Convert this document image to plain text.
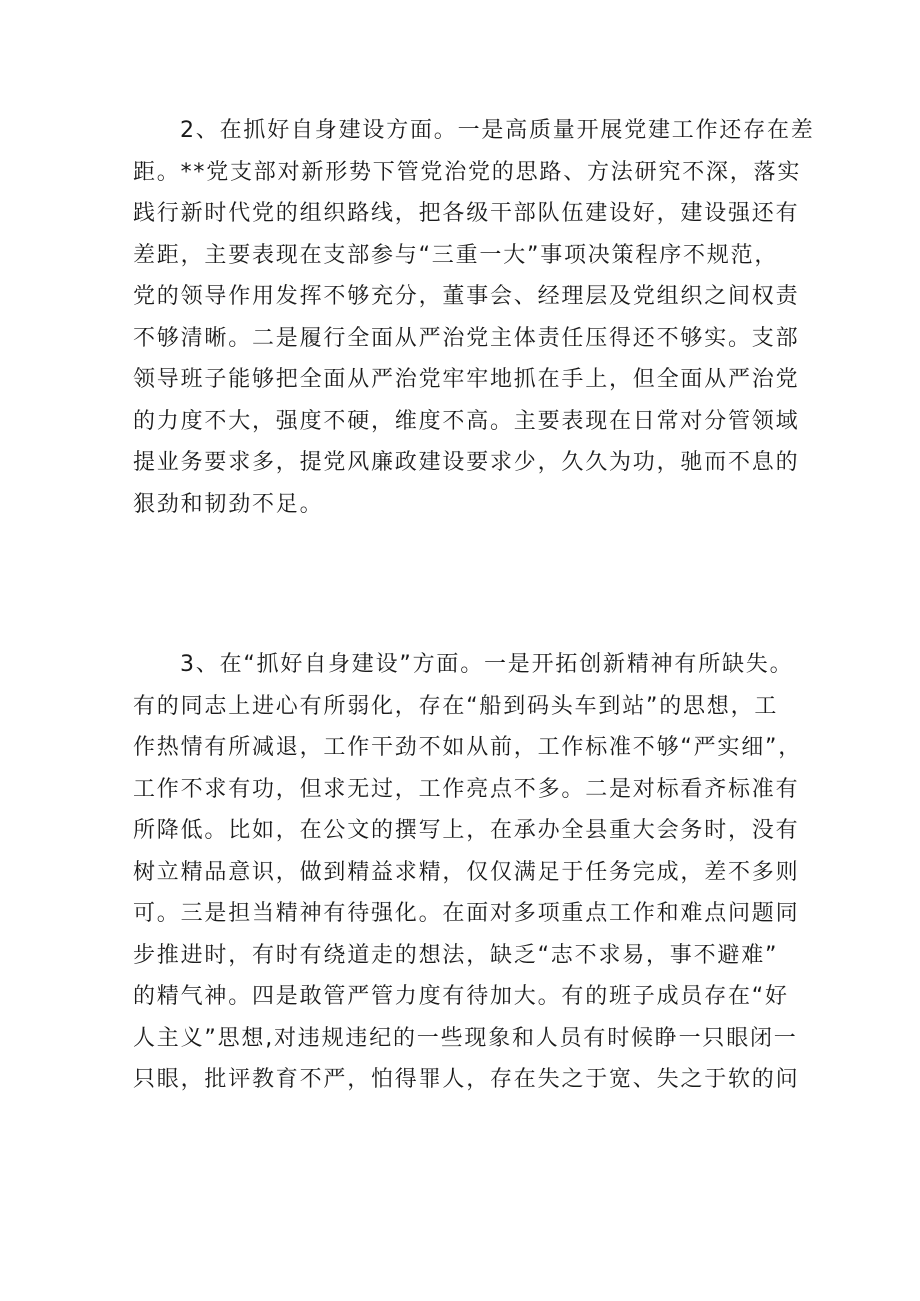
2、在抓好自身建设方面。一是高质量开展党建工作还存在差
距。**党支部对新形势下管党治党的思路、方法研究不深，落实
践行新时代党的组织路线，把各级干部队伍建设好，建设强还有
差距，主要表现在支部参与“三重一大”事项决策程序不规范，
党的领导作用发挥不够充分，董事会、经理层及党组织之间权责
不够清晰。二是履行全面从严治党主体责任压得还不够实。支部
领导班子能够把全面从严治党牢牢地抓在手上，但全面从严治党
的力度不大，强度不硬，维度不高。主要表现在日常对分管领域
提业务要求多，提党风廉政建设要求少，久久为功，驰而不息的
狠劲和韧劲不足。
3、在“抓好自身建设”方面。一是开拓创新精神有所缺失。
有的同志上进心有所弱化，存在“船到码头车到站”的思想，工
作热情有所减退，工作干劲不如从前，工作标准不够“严实细”，
工作不求有功，但求无过，工作亮点不多。二是对标看齐标准有
所降低。比如，在公文的撰写上，在承办全县重大会务时，没有
树立精品意识，做到精益求精，仅仅满足于任务完成，差不多则
可。三是担当精神有待强化。在面对多项重点工作和难点问题同
步推进时，有时有绕道走的想法，缺乏“志不求易，事不避难”
的精气神。四是敢管严管力度有待加大。有的班子成员存在“好
人主义”思想,对违规违纪的一些现象和人员有时候睁一只眼闭一
只眼，批评教育不严，怕得罪人，存在失之于宽、失之于软的问
